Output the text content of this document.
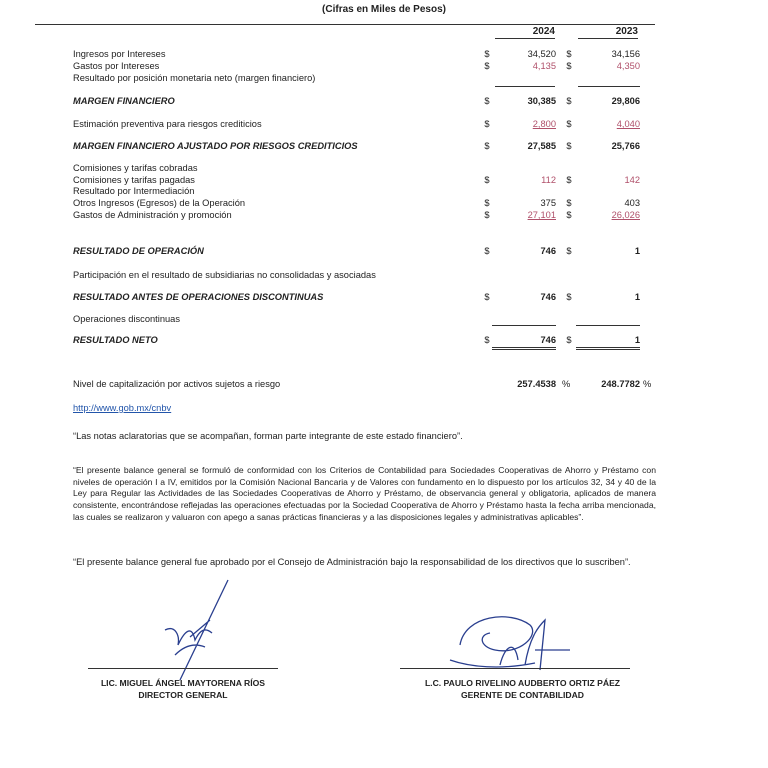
(Cifras en Miles de Pesos)
2024	2023
Ingresos por Intereses	$	34,520	$	34,156
Gastos por Intereses	$	4,135	$	4,350
Resultado por posición monetaria neto (margen financiero)
MARGEN FINANCIERO	$	30,385	$	29,806
Estimación preventiva para riesgos crediticios	$	2,800	$	4,040
MARGEN FINANCIERO AJUSTADO POR RIESGOS CREDITICIOS	$	27,585	$	25,766
Comisiones y tarifas cobradas
Comisiones y tarifas pagadas	$	112	$	142
Resultado por Intermediación
Otros Ingresos (Egresos) de la Operación	$	375	$	403
Gastos de Administración y promoción	$	27,101	$	26,026
RESULTADO DE OPERACIÓN	$	746	$	1
Participación en el resultado de subsidiarias no consolidadas y asociadas
RESULTADO ANTES DE OPERACIONES DISCONTINUAS	$	746	$	1
Operaciones discontinuas
RESULTADO NETO	$	746	$	1
Nivel de capitalización por activos sujetos a riesgo	257.4538 %	248.7782 %
http://www.gob.mx/cnbv
“Las notas aclaratorias que se acompañan, forman parte integrante de este estado financiero”.
“El presente balance general se formuló de conformidad con los Criterios de Contabilidad para Sociedades Cooperativas de Ahorro y Préstamo con niveles de operación I a IV, emitidos por la Comisión Nacional Bancaria y de Valores con fundamento en lo dispuesto por los artículos 32, 34 y 40 de la Ley para Regular las Actividades de las Sociedades Cooperativas de Ahorro y Préstamo, de observancia general y obligatoria, aplicados de manera consistente, encontrándose reflejadas las operaciones efectuadas por la Sociedad Cooperativa de Ahorro y Préstamo hasta la fecha arriba mencionada, las cuales se realizaron y valuaron con apego a sanas prácticas financieras y a las disposiciones legales y administrativas aplicables”.
“El presente balance general fue aprobado por el Consejo de Administración bajo la responsabilidad de los directivos que lo suscriben”.
LIC. MIGUEL ÁNGEL MAYTORENA RÍOS
DIRECTOR GENERAL
L.C. PAULO RIVELINO AUDBERTO ORTIZ PÁEZ
GERENTE DE CONTABILIDAD
